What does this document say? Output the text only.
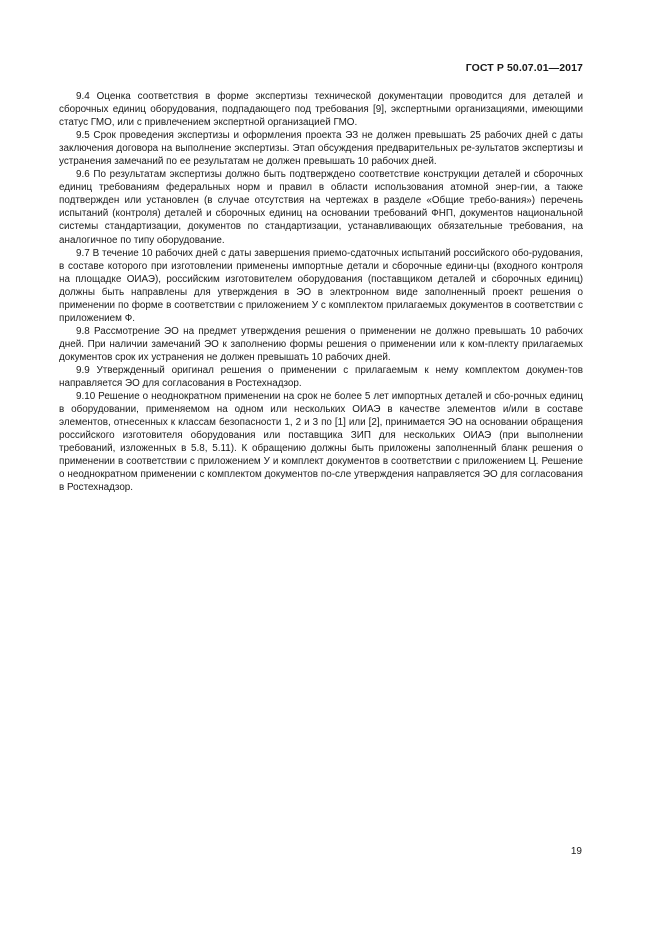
ГОСТ Р 50.07.01—2017

9.4 Оценка соответствия в форме экспертизы технической документации проводится для деталей и сборочных единиц оборудования, подпадающего под требования [9], экспертными организациями, имеющими статус ГМО, или с привлечением экспертной организацией ГМО.

9.5 Срок проведения экспертизы и оформления проекта ЭЗ не должен превышать 25 рабочих дней с даты заключения договора на выполнение экспертизы. Этап обсуждения предварительных ре-зультатов экспертизы и устранения замечаний по ее результатам не должен превышать 10 рабочих дней.

9.6 По результатам экспертизы должно быть подтверждено соответствие конструкции деталей и сборочных единиц требованиям федеральных норм и правил в области использования атомной энер-гии, а также подтвержден или установлен (в случае отсутствия на чертежах в разделе «Общие требо-вания») перечень испытаний (контроля) деталей и сборочных единиц на основании требований ФНП, документов национальной системы стандартизации, документов по стандартизации, устанавливающих обязательные требования, на аналогичное по типу оборудование.

9.7 В течение 10 рабочих дней с даты завершения приемо-сдаточных испытаний российского обо-рудования, в составе которого при изготовлении применены импортные детали и сборочные едини-цы (входного контроля на площадке ОИАЭ), российским изготовителем оборудования (поставщиком деталей и сборочных единиц) должны быть направлены для утверждения в ЭО в электронном виде заполненный проект решения о применении по форме в соответствии с приложением У с комплектом прилагаемых документов в соответствии с приложением Ф.

9.8 Рассмотрение ЭО на предмет утверждения решения о применении не должно превышать 10 рабочих дней. При наличии замечаний ЭО к заполнению формы решения о применении или к ком-плекту прилагаемых документов срок их устранения не должен превышать 10 рабочих дней.

9.9 Утвержденный оригинал решения о применении с прилагаемым к нему комплектом докумен-тов направляется ЭО для согласования в Ростехнадзор.

9.10 Решение о неоднократном применении на срок не более 5 лет импортных деталей и сбо-рочных единиц в оборудовании, применяемом на одном или нескольких ОИАЭ в качестве элементов и/или в составе элементов, отнесенных к классам безопасности 1, 2 и 3 по [1] или [2], принимается ЭО на основании обращения российского изготовителя оборудования или поставщика ЗИП для нескольких ОИАЭ (при выполнении требований, изложенных в 5.8, 5.11). К обращению должны быть приложены заполненный бланк решения о применении в соответствии с приложением У и комплект документов в соответствии с приложением Ц. Решение о неоднократном применении с комплектом документов по-сле утверждения направляется ЭО для согласования в Ростехнадзор.

19
